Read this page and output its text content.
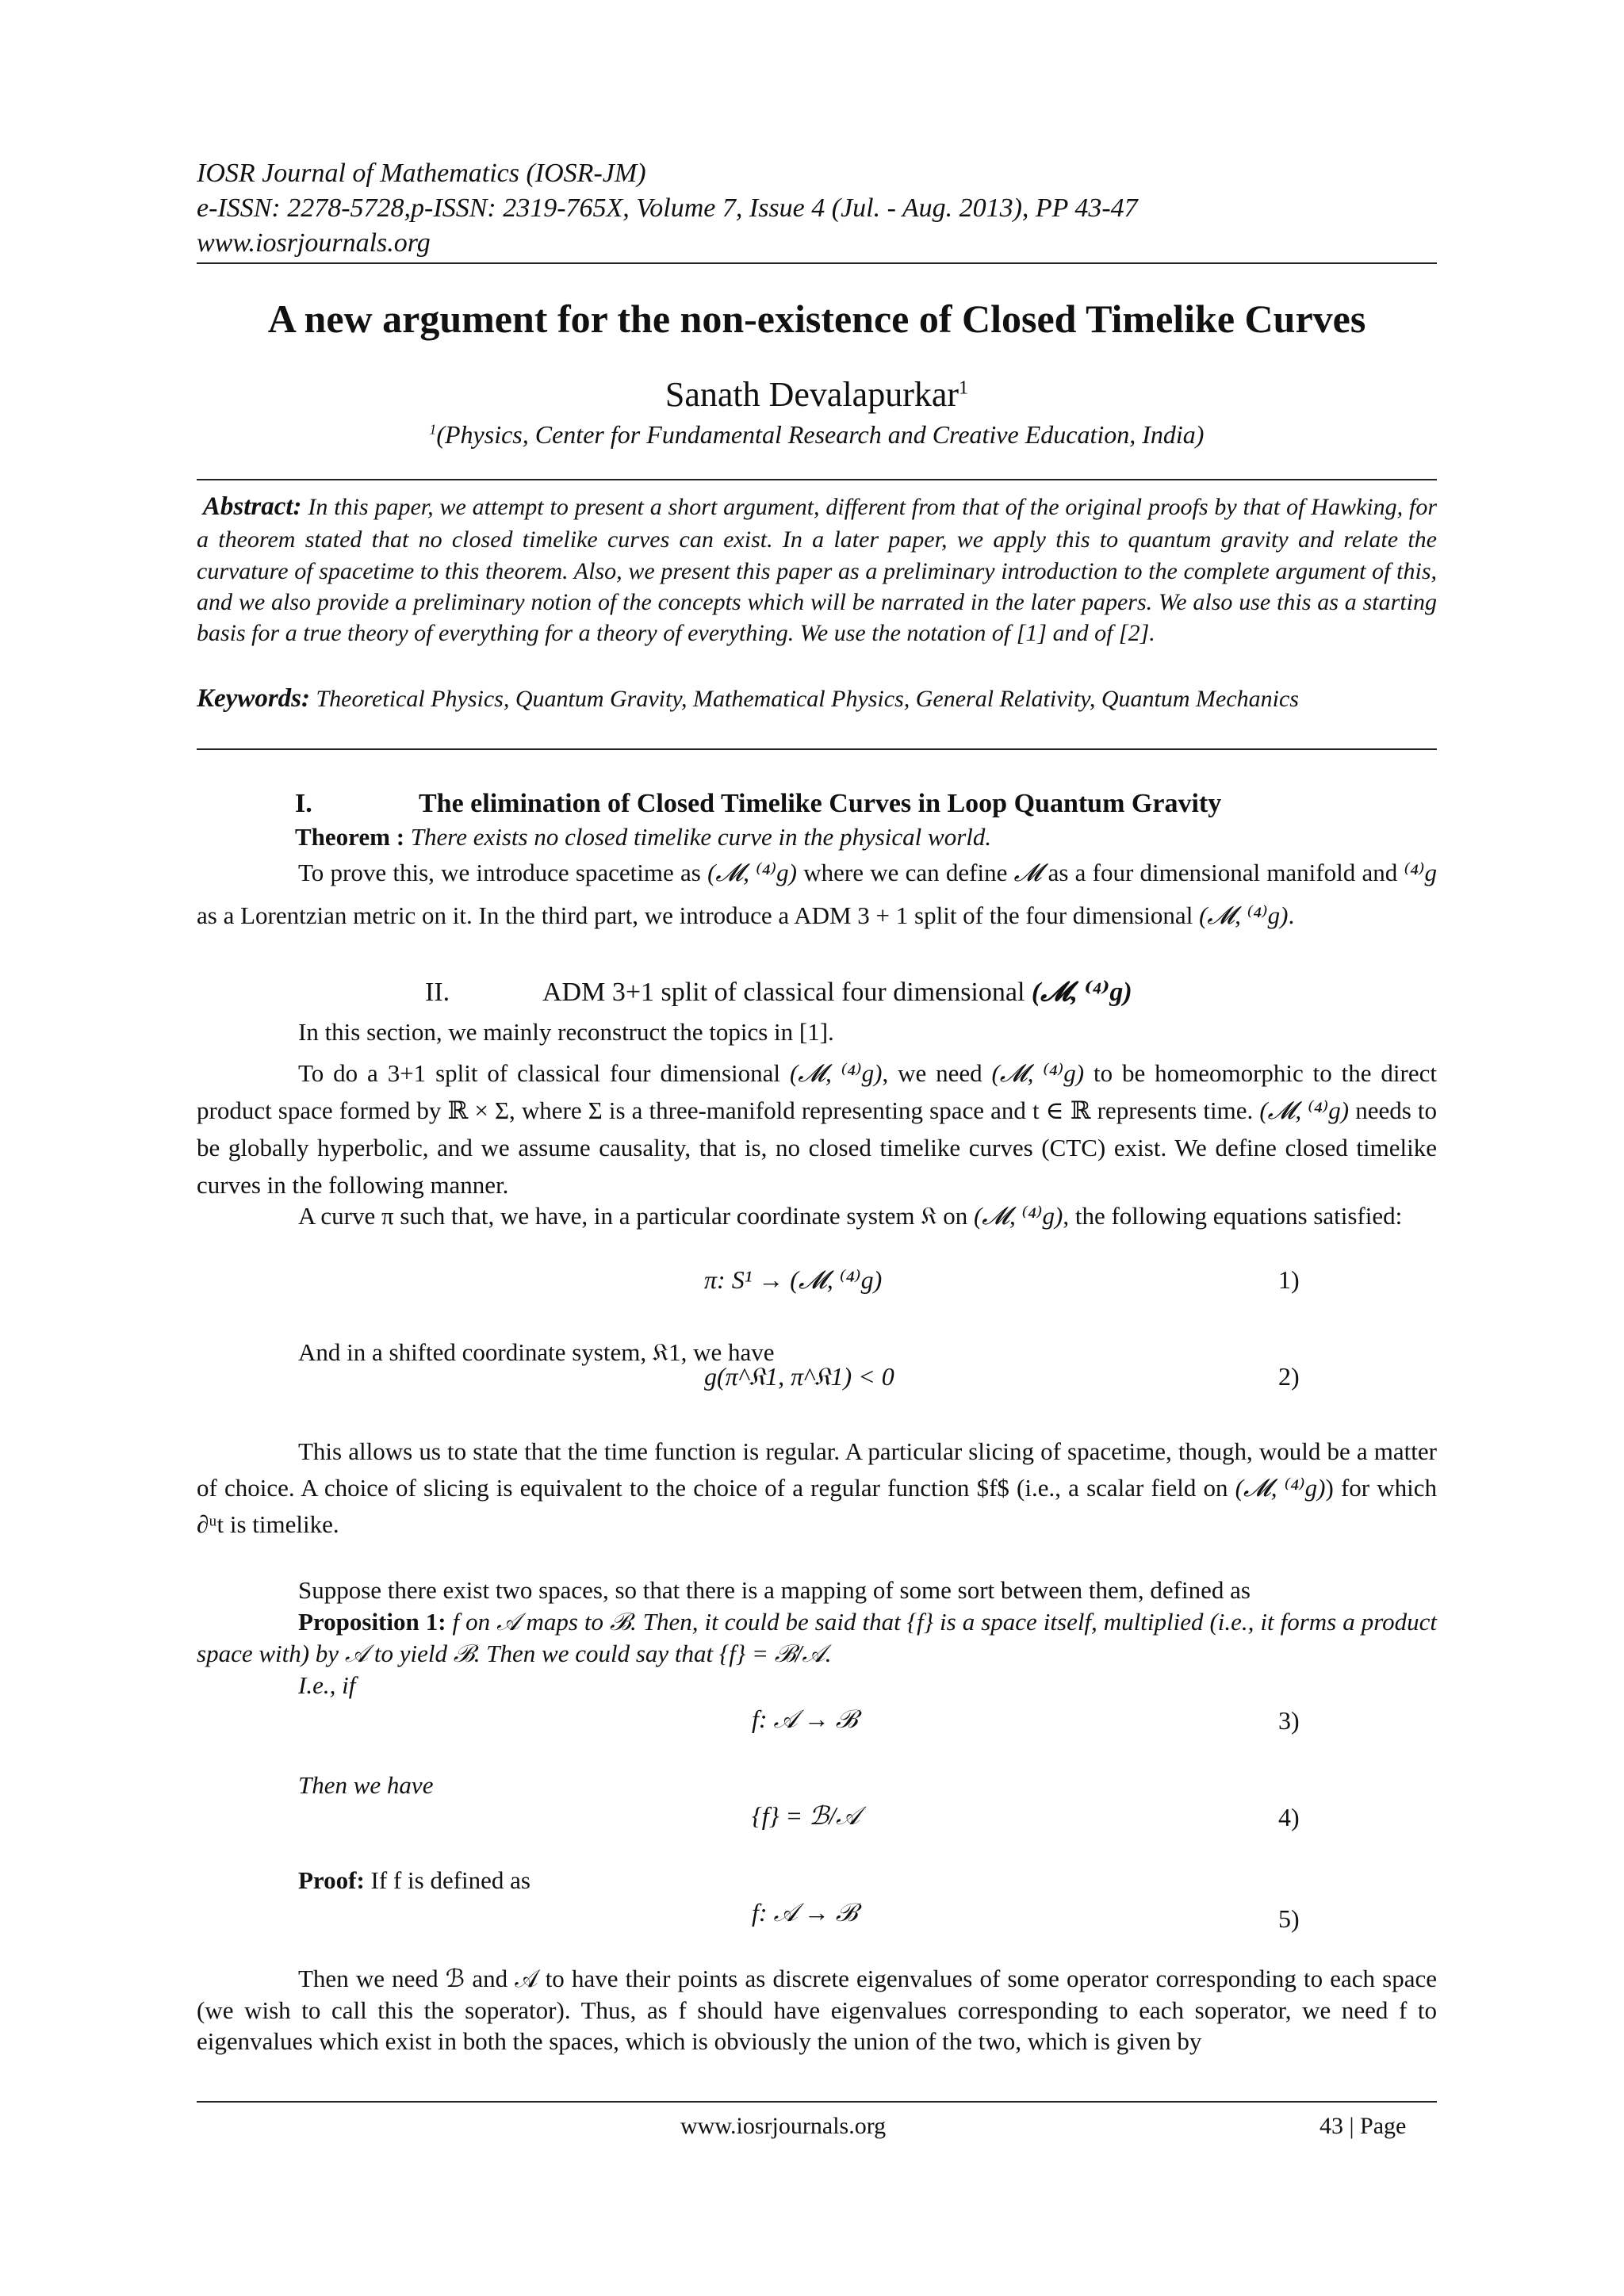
IOSR Journal of Mathematics (IOSR-JM)
e-ISSN: 2278-5728,p-ISSN: 2319-765X, Volume 7, Issue 4 (Jul. - Aug. 2013), PP 43-47
www.iosrjournals.org
A new argument for the non-existence of Closed Timelike Curves
Sanath Devalapurkar$^1$
$^1$(Physics, Center for Fundamental Research and Creative Education, India)
Abstract: In this paper, we attempt to present a short argument, different from that of the original proofs by that of Hawking, for a theorem stated that no closed timelike curves can exist. In a later paper, we apply this to quantum gravity and relate the curvature of spacetime to this theorem. Also, we present this paper as a preliminary introduction to the complete argument of this, and we also provide a preliminary notion of the concepts which will be narrated in the later papers. We also use this as a starting basis for a true theory of everything for a theory of everything. We use the notation of [1] and of [2].
Keywords: Theoretical Physics, Quantum Gravity, Mathematical Physics, General Relativity, Quantum Mechanics
I.	The elimination of Closed Timelike Curves in Loop Quantum Gravity
Theorem : There exists no closed timelike curve in the physical world.
To prove this, we introduce spacetime as (𝓜, ⁽⁴⁾g) where we can define 𝓜 as a four dimensional manifold and ⁽⁴⁾g as a Lorentzian metric on it. In the third part, we introduce a ADM 3 + 1 split of the four dimensional (𝓜, ⁽⁴⁾g).
II.	ADM 3+1 split of classical four dimensional (𝓜, ⁽⁴⁾g)
In this section, we mainly reconstruct the topics in [1].
To do a 3+1 split of classical four dimensional (𝓜, ⁽⁴⁾g), we need (𝓜, ⁽⁴⁾g) to be homeomorphic to the direct product space formed by ℝ × Σ, where Σ is a three-manifold representing space and t ∈ ℝ represents time. (𝓜, ⁽⁴⁾g) needs to be globally hyperbolic, and we assume causality, that is, no closed timelike curves (CTC) exist. We define closed timelike curves in the following manner.
A curve π such that, we have, in a particular coordinate system 𝔎 on (𝓜, ⁽⁴⁾g), the following equations satisfied:
π: S¹ → (𝓜, ⁽⁴⁾g)	1)
And in a shifted coordinate system, 𝔎1, we have
g(π^𝔎1, π^𝔎1) < 0	2)
This allows us to state that the time function is regular. A particular slicing of spacetime, though, would be a matter of choice. A choice of slicing is equivalent to the choice of a regular function $f$ (i.e., a scalar field on (𝓜, ⁽⁴⁾g)) for which ∂ᵘt is timelike.
Suppose there exist two spaces, so that there is a mapping of some sort between them, defined as
Proposition 1: f on 𝒜 maps to ℬ. Then, it could be said that {f} is a space itself, multiplied (i.e., it forms a product space with) by 𝒜 to yield ℬ. Then we could say that {f} = ℬ/𝒜.
I.e., if
f: 𝒜 → ℬ	3)
Then we have
{f} = ℬ/𝒜	4)
Proof: If f is defined as
f: 𝒜 → ℬ	5)
Then we need ℬ and 𝒜 to have their points as discrete eigenvalues of some operator corresponding to each space (we wish to call this the soperator). Thus, as f should have eigenvalues corresponding to each soperator, we need f to eigenvalues which exist in both the spaces, which is obviously the union of the two, which is given by
www.iosrjournals.org	43 | Page
